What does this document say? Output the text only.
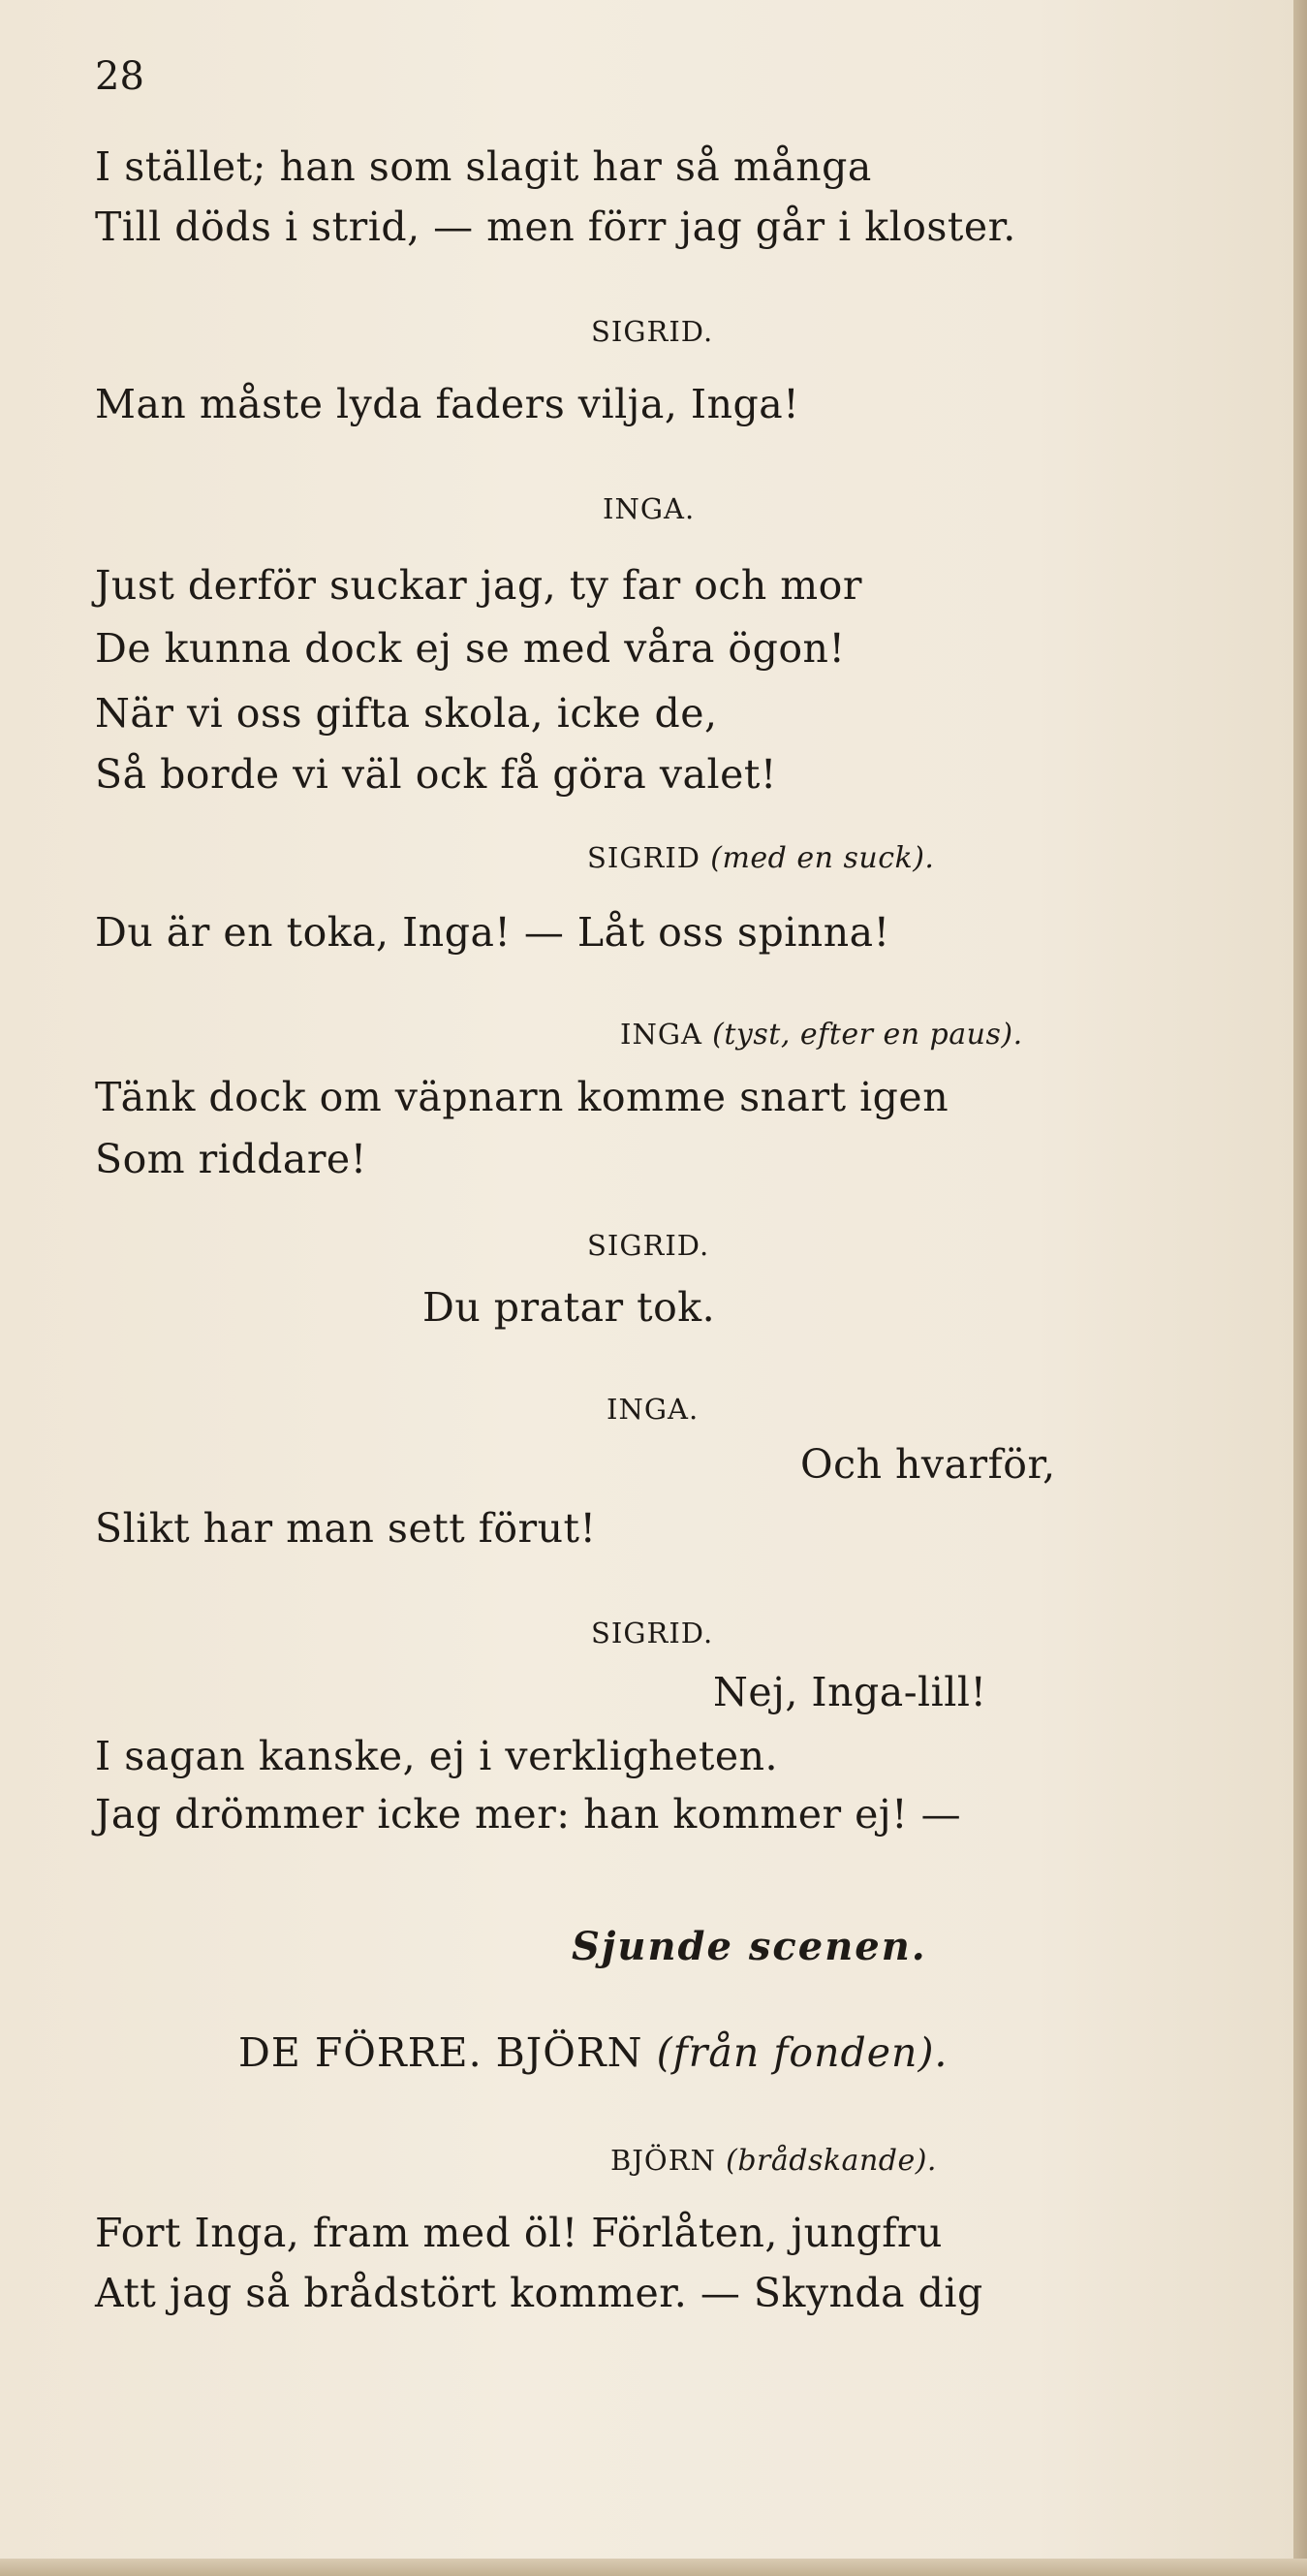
28
I stället; han som slagit har så många
Till döds i strid, — men förr jag går i kloster.
SIGRID.
Man måste lyda faders vilja, Inga!
INGA.
Just derför suckar jag, ty far och mor
De kunna dock ej se med våra ögon!
När vi oss gifta skola, icke de,
Så borde vi väl ock få göra valet!
SIGRID (med en suck).
Du är en toka, Inga! — Låt oss spinna!
INGA (tyst, efter en paus).
Tänk dock om väpnarn komme snart igen
Som riddare!
SIGRID.
Du pratar tok.
INGA.
Och hvarför,
Slikt har man sett förut!
SIGRID.
Nej, Inga-lill!
I sagan kanske, ej i verkligheten.
Jag drömmer icke mer: han kommer ej! —
Sjunde scenen.
DE FÖRRE. BJÖRN (från fonden).
BJÖRN (brådskande).
Fort Inga, fram med öl! Förlåten, jungfru
Att jag så brådstört kommer. — Skynda dig
